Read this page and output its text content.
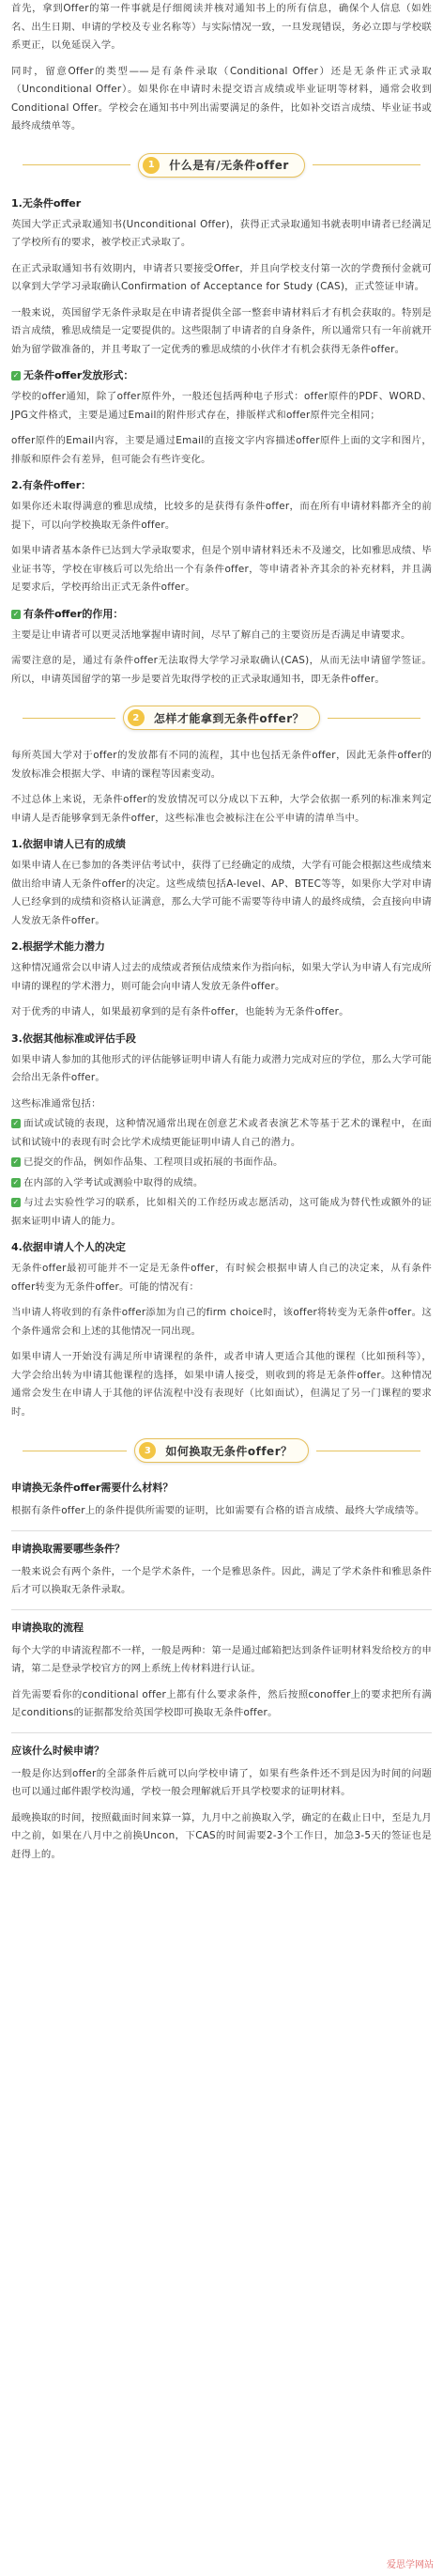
首先，拿到Offer的第一件事就是仔细阅读并核对通知书上的所有信息，确保个人信息（如姓名、出生日期、申请的学校及专业名称等）与实际情况一致，一旦发现错误，务必立即与学校联系更正，以免延误入学。

同时，留意Offer的类型——是有条件录取（Conditional Offer）还是无条件正式录取（Unconditional Offer）。如果你在申请时未提交语言成绩或毕业证明等材料，通常会收到Conditional Offer。学校会在通知书中列出需要满足的条件，比如补交语言成绩、毕业证书或最终成绩单等。

1	什么是有/无条件offer
1.无条件offer

英国大学正式录取通知书(Unconditional Offer)，获得正式录取通知书就表明申请者已经满足了学校所有的要求，被学校正式录取了。

在正式录取通知书有效期内，申请者只要接受Offer，并且向学校支付第一次的学费预付金就可以拿到大学学习录取确认Confirmation of Acceptance for Study (CAS)，正式签证申请。

一般来说，英国留学无条件录取是在申请者提供全部一整套申请材料后才有机会获取的。特别是语言成绩，雅思成绩是一定要提供的。这些限制了申请者的自身条件，所以通常只有一年前就开始为留学做准备的，并且考取了一定优秀的雅思成绩的小伙伴才有机会获得无条件offer。

✓ 无条件offer发放形式：

学校的offer通知，除了offer原件外，一般还包括两种电子形式：offer原件的PDF、WORD、JPG文件格式，主要是通过Email的附件形式存在，排版样式和offer原件完全相同；

offer原件的Email内容，主要是通过Email的直接文字内容描述offer原件上面的文字和图片，排版和原件会有差异，但可能会有些许变化。

2.有条件offer：

如果你还未取得满意的雅思成绩，比较多的是获得有条件offer，而在所有申请材料都齐全的前提下，可以向学校换取无条件offer。

如果申请者基本条件已达到大学录取要求，但是个别申请材料还未不及递交，比如雅思成绩、毕业证书等，学校在审核后可以先给出一个有条件offer，等申请者补齐其余的补充材料，并且满足要求后，学校再给出正式无条件offer。

✓ 有条件offer的作用：

主要是让申请者可以更灵活地掌握申请时间，尽早了解自己的主要资历是否满足申请要求。

需要注意的是，通过有条件offer无法取得大学学习录取确认(CAS)，从而无法申请留学签证。所以，申请英国留学的第一步是要首先取得学校的正式录取通知书，即无条件offer。

2	怎样才能拿到无条件offer？

每所英国大学对于offer的发放都有不同的流程，其中也包括无条件offer，因此无条件offer的发放标准会根据大学、申请的课程等因素变动。

不过总体上来说，无条件offer的发放情况可以分成以下五种，大学会依据一系列的标准来判定申请人是否能够拿到无条件offer，这些标准也会被标注在公平申请的清单当中。

1.依据申请人已有的成绩

如果申请人在已参加的各类评估考试中，获得了已经确定的成绩，大学有可能会根据这些成绩来做出给申请人无条件offer的决定。这些成绩包括A-level、AP、BTEC等等，如果你大学对申请人已经拿到的成绩和资格认证满意，那么大学可能不需要等待申请人的最终成绩，会直接向申请人发放无条件offer。

2.根据学术能力潜力

这种情况通常会以申请人过去的成绩或者预估成绩来作为指向标，如果大学认为申请人有完成所申请的课程的学术潜力，则可能会向申请人发放无条件offer。

对于优秀的申请人，如果最初拿到的是有条件offer，也能转为无条件offer。

3.依据其他标准或评估手段

如果申请人参加的其他形式的评估能够证明申请人有能力或潜力完成对应的学位，那么大学可能会给出无条件offer。

这些标准通常包括：

✓ 面试或试镜的表现，这种情况通常出现在创意艺术或者表演艺术等基于艺术的课程中，在面试和试镜中的表现有时会比学术成绩更能证明申请人自己的潜力。

✓ 已提交的作品，例如作品集、工程项目或拓展的书面作品。

✓ 在内部的入学考试或测验中取得的成绩。

✓ 与过去实验性学习的联系，比如相关的工作经历或志愿活动，这可能成为替代性或额外的证据来证明申请人的能力。

4.依据申请人个人的决定

无条件offer最初可能并不一定是无条件offer，有时候会根据申请人自己的决定来，从有条件offer转变为无条件offer。可能的情况有：

当申请人将收到的有条件offer添加为自己的firm choice时，该offer将转变为无条件offer。这个条件通常会和上述的其他情况一同出现。

如果申请人一开始没有满足所申请课程的条件，或者申请人更适合其他的课程（比如预科等），大学会给出转为申请其他课程的选择，如果申请人接受，则收到的将是无条件offer。这种情况通常会发生在申请人于其他的评估流程中没有表现好（比如面试），但满足了另一门课程的要求时。

3	如何换取无条件offer？
申请换无条件offer需要什么材料？

根据有条件offer上的条件提供所需要的证明，比如需要有合格的语言成绩、最终大学成绩等。

申请换取需要哪些条件？

一般来说会有两个条件，一个是学术条件，一个是雅思条件。因此，满足了学术条件和雅思条件后才可以换取无条件录取。

申请换取的流程

每个大学的申请流程都不一样，一般是两种：第一是通过邮箱把达到条件证明材料发给校方的申请，第二是登录学校官方的网上系统上传材料进行认证。

首先需要看你的conditional offer上都有什么要求条件，然后按照conoffer上的要求把所有满足conditions的证据都发给英国学校即可换取无条件offer。

应该什么时候申请？

一般是你达到offer的全部条件后就可以向学校申请了，如果有些条件还不到是因为时间的问题也可以通过邮件跟学校沟通，学校一般会理解就后开具学校要求的证明材料。

最晚换取的时间，按照截面时间来算一算，九月中之前换取入学，确定的在截止日中，至是九月中之前，如果在八月中之前换Uncon，下CAS的时间需要2-3个工作日，加急3-5天的签证也是赶得上的。

爱思学网站
